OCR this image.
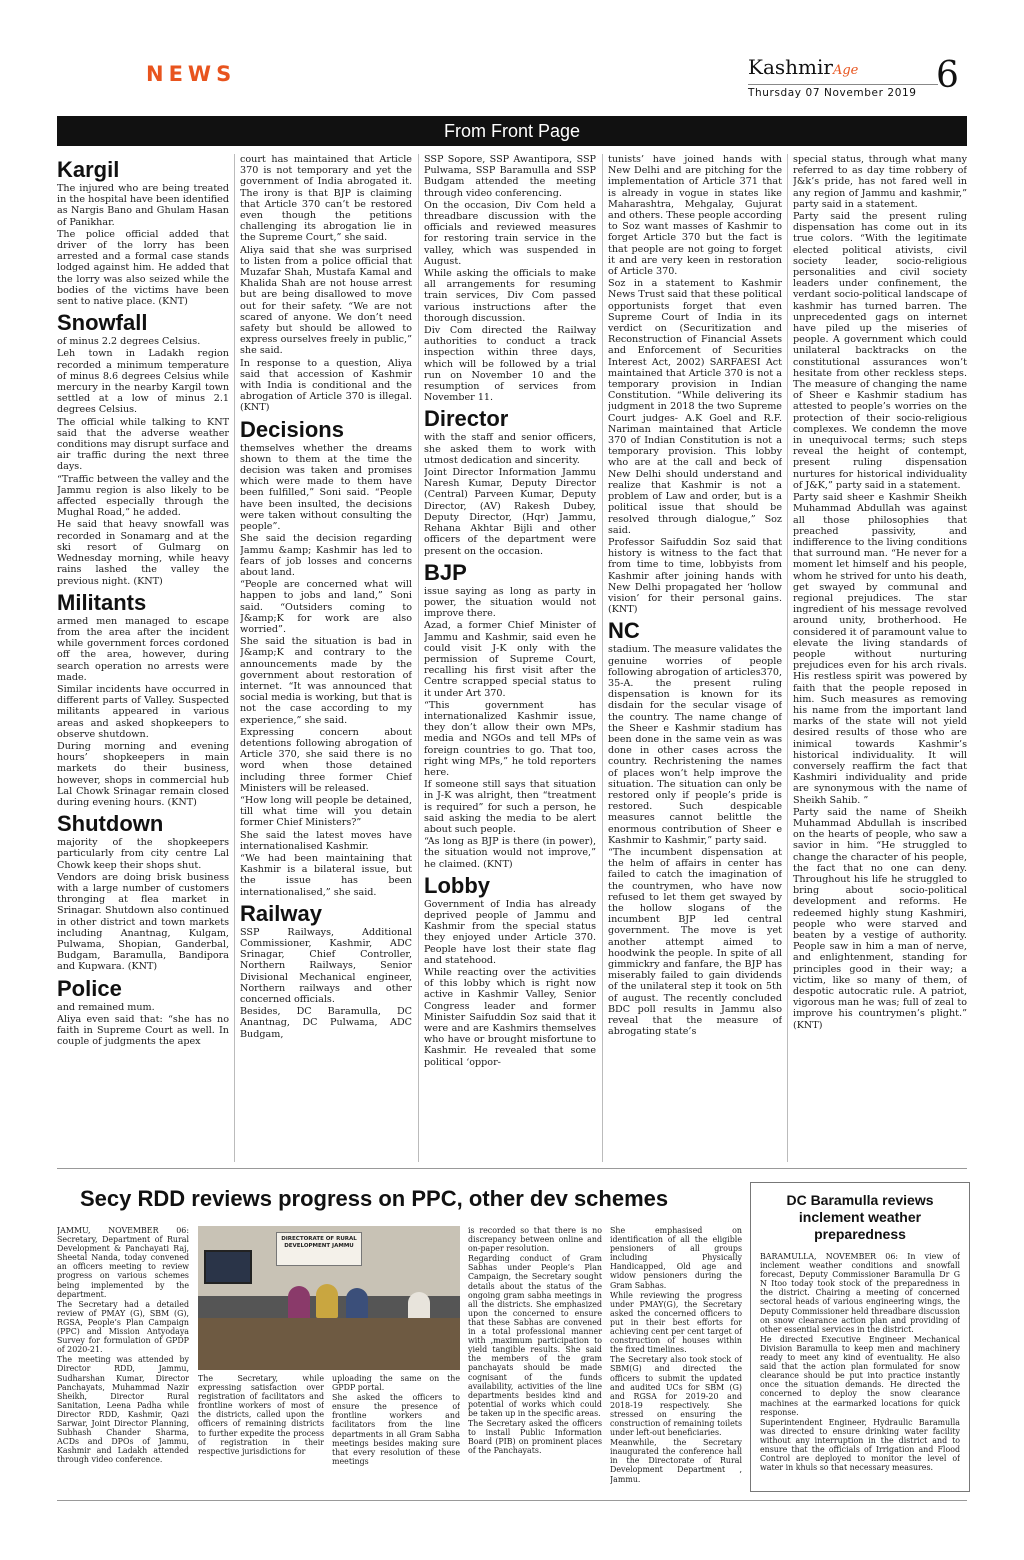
NEWS	KashmirAge
Thursday 07 November 2019 6
From Front Page
Kargil

The injured who are being treated in the hospital have been identified as Nargis Bano and Ghulam Hasan of Panikhar.

The police official added that driver of the lorry has been arrested and a formal case stands lodged against him. He added that the lorry was also seized while the bodies of the victims have been sent to native place. (KNT)

Snowfall

of minus 2.2 degrees Celsius.

Leh town in Ladakh region recorded a minimum temperature of minus 8.6 degrees Celsius while mercury in the nearby Kargil town settled at a low of minus 2.1 degrees Celsius.

The official while talking to KNT said that the adverse weather conditions may disrupt surface and air traffic during the next three days.

“Traffic between the valley and the Jammu region is also likely to be affected especially through the Mughal Road,” he added.

He said that heavy snowfall was recorded in Sonamarg and at the ski resort of Gulmarg on Wednesday morning, while heavy rains lashed the valley the previous night. (KNT)

Militants

armed men managed to escape from the area after the incident while government forces cordoned off the area, however, during search operation no arrests were made.

Similar incidents have occurred in different parts of Valley. Suspected militants appeared in various areas and asked shopkeepers to observe shutdown.

During morning and evening hours’ shopkeepers in main markets do their business, however, shops in commercial hub Lal Chowk Srinagar remain closed during evening hours. (KNT)

Shutdown

majority of the shopkeepers particularly from city centre Lal Chowk keep their shops shut.

Vendors are doing brisk business with a large number of customers thronging at flea market in Srinagar. Shutdown also continued in other district and town markets including Anantnag, Kulgam, Pulwama, Shopian, Ganderbal, Budgam, Baramulla, Bandipora and Kupwara. (KNT)

Police

and remained mum.

Aliya even said that: “she has no faith in Supreme Court as well. In couple of judgments the apex

court has maintained that Article 370 is not temporary and yet the government of India abrogated it. The irony is that BJP is claiming that Article 370 can’t be restored even though the petitions challenging its abrogation lie in the Supreme Court,” she said.

Aliya said that she was surprised to listen from a police official that Muzafar Shah, Mustafa Kamal and Khalida Shah are not house arrest but are being disallowed to move out for their safety. “We are not scared of anyone. We don’t need safety but should be allowed to express ourselves freely in public,” she said.

In response to a question, Aliya said that accession of Kashmir with India is conditional and the abrogation of Article 370 is illegal. (KNT)

Decisions

themselves whether the dreams shown to them at the time the decision was taken and promises which were made to them have been fulfilled,” Soni said. “People have been insulted, the decisions were taken without consulting the people”.

She said the decision regarding Jammu &amp; Kashmir has led to fears of job losses and concerns about land.

“People are concerned what will happen to jobs and land,” Soni said. “Outsiders coming to J&amp;K for work are also worried”.

She said the situation is bad in J&amp;K and contrary to the announcements made by the government about restoration of internet. “It was announced that social media is working, but that is not the case according to my experience,” she said.

Expressing concern about detentions following abrogation of Article 370, she said there is no word when those detained including three former Chief Ministers will be released.

“How long will people be detained, till what time will you detain former Chief Ministers?”

She said the latest moves have internationalised Kashmir.

“We had been maintaining that Kashmir is a bilateral issue, but the issue has been internationalised,” she said.

Railway

SSP Railways, Additional Commissioner, Kashmir, ADC Srinagar, Chief Controller, Northern Railways, Senior Divisional Mechanical engineer, Northern railways and other concerned officials.

Besides, DC Baramulla, DC Anantnag, DC Pulwama, ADC Budgam,

SSP Sopore, SSP Awantipora, SSP Pulwama, SSP Baramulla and SSP Budgam attended the meeting through video conferencing.

On the occasion, Div Com held a threadbare discussion with the officials and reviewed measures for restoring train service in the valley, which was suspended in August.

While asking the officials to make all arrangements for resuming train services, Div Com passed various instructions after the thorough discussion.

Div Com directed the Railway authorities to conduct a track inspection within three days, which will be followed by a trial run on November 10 and the resumption of services from November 11.

Director

with the staff and senior officers, she asked them to work with utmost dedication and sincerity.

Joint Director Information Jammu Naresh Kumar, Deputy Director (Central) Parveen Kumar, Deputy Director, (AV) Rakesh Dubey, Deputy Director, (Hqr) Jammu, Rehana Akhtar Bijli and other officers of the department were present on the occasion.

BJP

issue saying as long as party in power, the situation would not improve there.

Azad, a former Chief Minister of Jammu and Kashmir, said even he could visit J-K only with the permission of Supreme Court, recalling his first visit after the Centre scrapped special status to it under Art 370.

“This government has internationalized Kashmir issue, they don’t allow their own MPs, media and NGOs and tell MPs of foreign countries to go. That too, right wing MPs,” he told reporters here.

If someone still says that situation in J-K was alright, then “treatment is required” for such a person, he said asking the media to be alert about such people.

“As long as BJP is there (in power), the situation would not improve,” he claimed. (KNT)

Lobby

Government of India has already deprived people of Jammu and Kashmir from the special status they enjoyed under Article 370. People have lost their state flag and statehood.

While reacting over the activities of this lobby which is right now active in Kashmir Valley, Senior Congress leader and former Minister Saifuddin Soz said that it were and are Kashmirs themselves who have or brought misfortune to Kashmir. He revealed that some political ‘oppor-

tunists’ have joined hands with New Delhi and are pitching for the implementation of Article 371 that is already in vogue in states like Maharashtra, Mehgalay, Gujurat and others. These people according to Soz want masses of Kashmir to forget Article 370 but the fact is that people are not going to forget it and are very keen in restoration of Article 370.

Soz in a statement to Kashmir News Trust said that these political opportunists forget that even Supreme Court of India in its verdict on (Securitization and Reconstruction of Financial Assets and Enforcement of Securities Interest Act, 2002) SARFAESI Act maintained that Article 370 is not a temporary provision in Indian Constitution. “While delivering its judgment in 2018 the two Supreme Court judges- A.K Goel and R.F. Nariman maintained that Article 370 of Indian Constitution is not a temporary provision. This lobby who are at the call and beck of New Delhi should understand and realize that Kashmir is not a problem of Law and order, but is a political issue that should be resolved through dialogue,” Soz said.

Professor Saifuddin Soz said that history is witness to the fact that from time to time, lobbyists from Kashmir after joining hands with New Delhi propagated her ‘hollow vision’ for their personal gains. (KNT)

NC

stadium. The measure validates the genuine worries of people following abrogation of articles370, 35-A. the present ruling dispensation is known for its disdain for the secular visage of the country. The name change of the Sheer e Kashmir stadium has been done in the same vein as was done in other cases across the country. Rechristening the names of places won’t help improve the situation. The situation can only be restored only if people’s pride is restored. Such despicable measures cannot belittle the enormous contribution of Sheer e Kashmir to Kashmir,” party said.

“The incumbent dispensation at the helm of affairs in center has failed to catch the imagination of the countrymen, who have now refused to let them get swayed by the hollow slogans of the incumbent BJP led central government. The move is yet another attempt aimed to hoodwink the people. In spite of all gimmickry and fanfare, the BJP has miserably failed to gain dividends of the unilateral step it took on 5th of august. The recently concluded BDC poll results in Jammu also reveal that the measure of abrogating state’s

special status, through what many referred to as day time robbery of J&k’s pride, has not fared well in any region of Jammu and kashmir,” party said in a statement.

Party said the present ruling dispensation has come out in its true colors. “With the legitimate elected political ativists, civil society leader, socio-religious personalities and civil society leaders under confinement, the verdant socio-political landscape of kashmir has turned barren. The unprecedented gags on internet have piled up the miseries of people. A government which could unilateral backtracks on the constitutional assurances won’t hesitate from other reckless steps. The measure of changing the name of Sheer e Kashmir stadium has attested to people’s worries on the protection of their socio-religious complexes. We condemn the move in unequivocal terms; such steps reveal the height of contempt, present ruling dispensation nurtures for historical individuality of J&K,” party said in a statement.

Party said sheer e Kashmir Sheikh Muhammad Abdullah was against all those philosophies that preached passivity, and indifference to the living conditions that surround man. “He never for a moment let himself and his people, whom he strived for unto his death, get swayed by communal and regional prejudices. The star ingredient of his message revolved around unity, brotherhood. He considered it of paramount value to elevate the living standards of people without nurturing prejudices even for his arch rivals. His restless spirit was powered by faith that the people reposed in him. Such measures as removing his name from the important land marks of the state will not yield desired results of those who are inimical towards Kashmir’s historical individuality. It will conversely reaffirm the fact that Kashmiri individuality and pride are synonymous with the name of Sheikh Sahib. ”

Party said the name of Sheikh Muhammad Abdullah is inscribed on the hearts of people, who saw a savior in him. “He struggled to change the character of his people, the fact that no one can deny. Throughout his life he struggled to bring about socio-political development and reforms. He redeemed highly stung Kashmiri, people who were starved and beaten by a vestige of authority. People saw in him a man of nerve, and enlightenment, standing for principles good in their way; a victim, like so many of them, of despotic autocratic rule. A patriot, vigorous man he was; full of zeal to improve his countrymen’s plight.” (KNT)

Secy RDD reviews progress on PPC, other dev schemes

JAMMU, NOVEMBER 06: Secretary, Department of Rural Development & Panchayati Raj, Sheetal Nanda, today convened an officers meeting to review progress on various schemes being implemented by the department.

The Secretary had a detailed review of PMAY (G), SBM (G), RGSA, People’s Plan Campaign (PPC) and Mission Antyodaya Survey for formulation of GPDP of 2020-21.

The meeting was attended by Director RDD, Jammu, Sudharshan Kumar, Director Panchayats, Muhammad Nazir Sheikh, Director Rural Sanitation, Leena Padha while Director RDD, Kashmir, Qazi Sarwar, Joint Director Planning, Subhash Chander Sharma, ACDs and DPOs of Jammu, Kashmir and Ladakh attended through video conference.

DIRECTORATE OF RURAL DEVELOPMENT JAMMU

The Secretary, while expressing satisfaction over registration of facilitators and frontline workers of most of the districts, called upon the officers of remaining districts to further expedite the process of registration in their respective jurisdictions for

uploading the same on the GPDP portal.

She asked the officers to ensure the presence of frontline workers and facilitators from the line departments in all Gram Sabha meetings besides making sure that every resolution of these meetings

is recorded so that there is no discrepancy between online and on-paper resolution.

Regarding conduct of Gram Sabhas under People’s Plan Campaign, the Secretary sought details about the status of the ongoing gram sabha meetings in all the districts. She emphasized upon the concerned to ensure that these Sabhas are convened in a total professional manner with ,maximum participation to yield tangible results. She said the members of the gram panchayats should be made cognisant of the funds availability, activities of the line departments besides kind and potential of works which could be taken up in the specific areas.

The Secretary asked the officers to install Public Information Board (PIB) on prominent places of the Panchayats.

She emphasised on identification of all the eligible pensioners of all groups including Physically Handicapped, Old age and widow pensioners during the Gram Sabhas.

While reviewing the progress under PMAY(G), the Secretary asked the concerned officers to put in their best efforts for achieving cent per cent target of construction of houses within the fixed timelines.

The Secretary also took stock of SBM(G) and directed the officers to submit the updated and audited UCs for SBM (G) and RGSA for 2019-20 and 2018-19 respectively. She stressed on ensuring the construction of remaining toilets under left-out beneficiaries.

Meanwhile, the Secretary inaugurated the conference hall in the Directorate of Rural Development Department , Jammu.

DC Baramulla reviews inclement weather preparedness

BARAMULLA, NOVEMBER 06: In view of inclement weather conditions and snowfall forecast, Deputy Commissioner Baramulla Dr G N Itoo today took stock of the preparedness in the district. Chairing a meeting of concerned sectoral heads of various engineering wings, the Deputy Commissioner held threadbare discussion on snow clearance action plan and providing of other essential services in the district.

He directed Executive Engineer Mechanical Division Baramulla to keep men and machinery ready to meet any kind of eventuality. He also said that the action plan formulated for snow clearance should be put into practice instantly once the situation demands. He directed the concerned to deploy the snow clearance machines at the earmarked locations for quick response.

Superintendent Engineer, Hydraulic Baramulla was directed to ensure drinking water facility without any interruption in the district and to ensure that the officials of Irrigation and Flood Control are deployed to monitor the level of water in khuls so that necessary measures.
